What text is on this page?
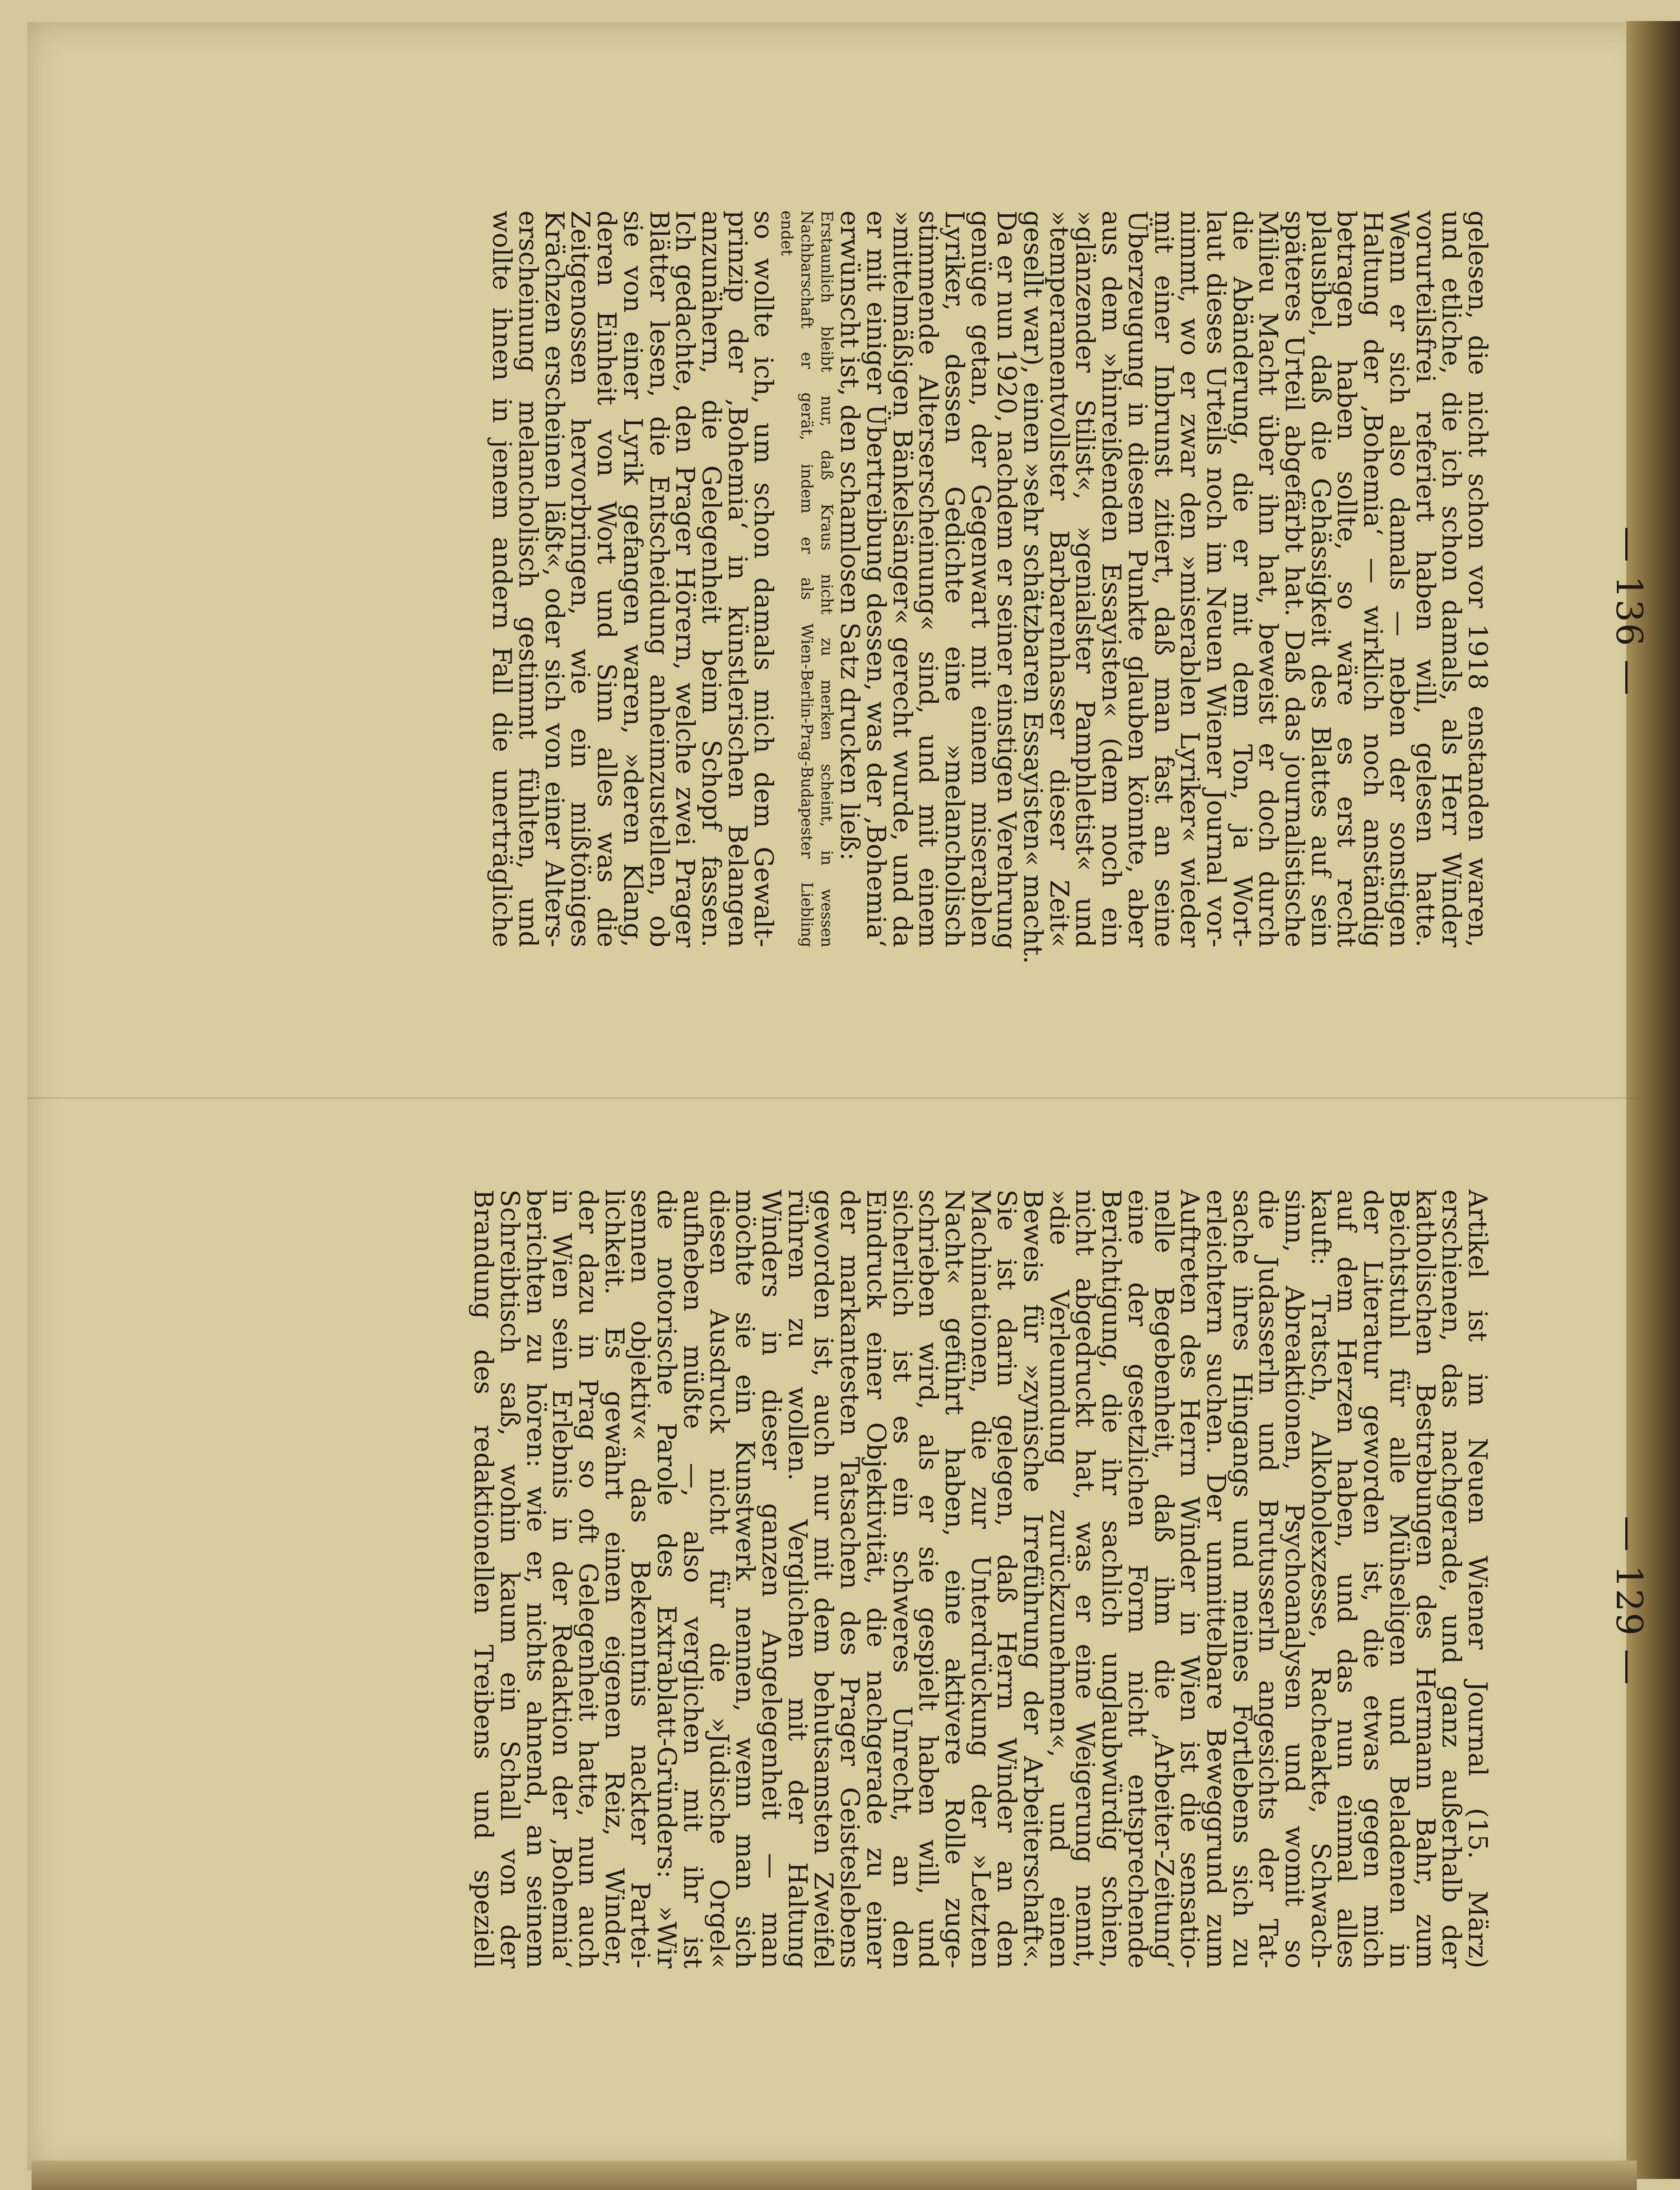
— 136 —
— 129 —
gelesen, die nicht schon vor 1918 enstanden waren,
und etliche, die ich schon damals, als Herr Winder
vorurteilsfrei referiert haben will, gelesen hatte.
Wenn er sich also damals — neben der sonstigen
Haltung der ‚Bohemia‘ — wirklich noch anständig
betragen haben sollte, so wäre es erst recht
plausibel, daß die Gehässigkeit des Blattes auf sein
späteres Urteil abgefärbt hat. Daß das journalistische
Milieu Macht über ihn hat, beweist er doch durch
die Abänderung, die er mit dem Ton, ja Wort-
laut dieses Urteils noch im Neuen Wiener Journal vor-
nimmt, wo er zwar den »miserablen Lyriker« wieder
mit einer Inbrunst zitiert, daß man fast an seine
Überzeugung in diesem Punkte glauben könnte, aber
aus dem »hinreißenden Essayisten« (dem noch ein
»glänzender Stilist«, »genialster Pamphletist« und
»temperamentvollster Barbarenhasser dieser Zeit«
gesellt war), einen »sehr schätzbaren Essayisten« macht.
Da er nun 1920, nachdem er seiner einstigen Verehrung
genüge getan, der Gegenwart mit einem miserablen
Lyriker, dessen Gedichte eine »melancholisch
stimmende Alterserscheinung« sind, und mit einem
»mittelmäßigen Bänkelsänger« gerecht wurde, und da
er mit einiger Übertreibung dessen, was der ‚Bohemia‘
erwünscht ist, den schamlosen Satz drucken ließ:
Erstaunlich bleibt nur, daß Kraus nicht zu merken scheint, in wessen
Nachbarschaft er gerät, indem er als Wien-Berlin-Prag-Budapester Liebling
endet
so wollte ich, um schon damals mich dem Gewalt-
prinzip der ‚Bohemia‘ in künstlerischen Belangen
anzunähern, die Gelegenheit beim Schopf fassen.
Ich gedachte, den Prager Hörern, welche zwei Prager
Blätter lesen, die Entscheidung anheimzustellen, ob
sie von einer Lyrik gefangen waren, »deren Klang,
deren Einheit von Wort und Sinn alles was die
Zeitgenossen hervorbringen, wie ein mißtöniges
Krächzen erscheinen läßt«, oder sich von einer Alters-
erscheinung melancholisch gestimmt fühlten, und
wollte ihnen in jenem andern Fall die unerträgliche
Artikel ist im Neuen Wiener Journal (15. März)
erschienen, das nachgerade, und ganz außerhalb der
katholischen Bestrebungen des Hermann Bahr, zum
Beichtstuhl für alle Mühseligen und Beladenen in
der Literatur geworden ist, die etwas gegen mich
auf dem Herzen haben, und das nun einmal alles
kauft: Tratsch, Alkoholexzesse, Racheakte, Schwach-
sinn, Abreaktionen, Psychoanalysen und womit so
die Judasserln und Brutusserln angesichts der Tat-
sache ihres Hingangs und meines Fortlebens sich zu
erleichtern suchen. Der unmittelbare Beweggrund zum
Auftreten des Herrn Winder in Wien ist die sensatio-
nelle Begebenheit, daß ihm die ‚Arbeiter-Zeitung‘
eine der gesetzlichen Form nicht entsprechende
Berichtigung, die ihr sachlich unglaubwürdig schien,
nicht abgedruckt hat, was er eine Weigerung nennt,
»die Verleumdung zurückzunehmen«, und einen
Beweis für »zynische Irreführung der Arbeiterschaft«.
Sie ist darin gelegen, daß Herrn Winder an den
Machinationen, die zur Unterdrückung der »Letzten
Nacht« geführt haben, eine aktivere Rolle zuge-
schrieben wird, als er sie gespielt haben will, und
sicherlich ist es ein schweres Unrecht, an den
Eindruck einer Objektivität, die nachgerade zu einer
der markantesten Tatsachen des Prager Geisteslebens
geworden ist, auch nur mit dem behutsamsten Zweifel
rühren zu wollen. Verglichen mit der Haltung
Winders in dieser ganzen Angelegenheit — man
möchte sie ein Kunstwerk nennen, wenn man sich
diesen Ausdruck nicht für die »Jüdische Orgel«
aufheben müßte —, also verglichen mit ihr ist
die notorische Parole des Extrablatt-Gründers: »Wir
sennen objektiv« das Bekenntnis nackter Partei-
lichkeit. Es gewährt einen eigenen Reiz, Winder,
der dazu in Prag so oft Gelegenheit hatte, nun auch
in Wien sein Erlebnis in der Redaktion der ‚Bohemia‘
berichten zu hören: wie er, nichts ahnend, an seinem
Schreibtisch saß, wohin kaum ein Schall von der
Brandung des redaktionellen Treibens und speziell
